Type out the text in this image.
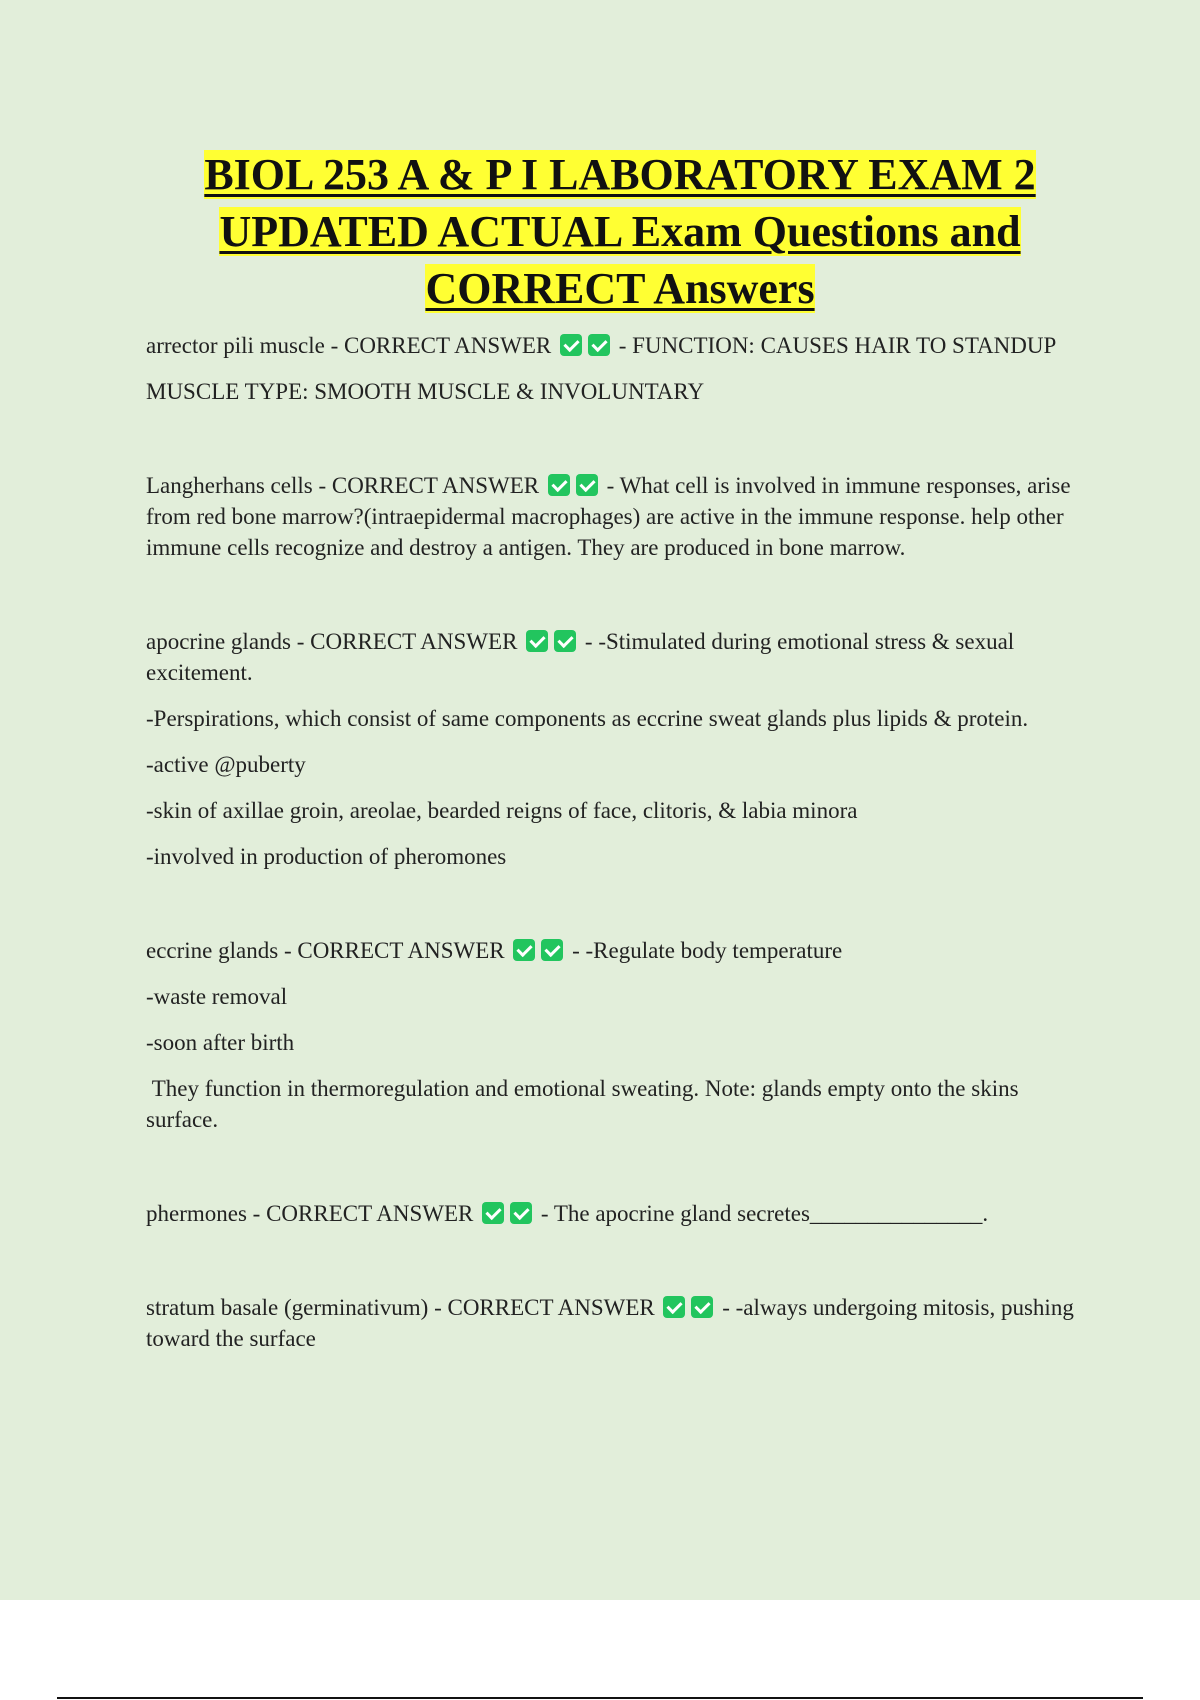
BIOL 253 A & P I LABORATORY EXAM 2 UPDATED ACTUAL Exam Questions and CORRECT Answers

arrector pili muscle - CORRECT ANSWER	- FUNCTION: CAUSES HAIR TO STANDUP

MUSCLE TYPE: SMOOTH MUSCLE & INVOLUNTARY

Langherhans cells - CORRECT ANSWER	- What cell is involved in immune responses, arise from red bone marrow?(intraepidermal macrophages) are active in the immune response. help other immune cells recognize and destroy a antigen. They are produced in bone marrow.

apocrine glands - CORRECT ANSWER	- -Stimulated during emotional stress & sexual excitement.

-Perspirations, which consist of same components as eccrine sweat glands plus lipids & protein.

-active @puberty

-skin of axillae groin, areolae, bearded reigns of face, clitoris, & labia minora

-involved in production of pheromones

eccrine glands - CORRECT ANSWER	- -Regulate body temperature

-waste removal

-soon after birth

They function in thermoregulation and emotional sweating. Note: glands empty onto the skins surface.

phermones - CORRECT ANSWER	- The apocrine gland secretes_______________.

stratum basale (germinativum) - CORRECT ANSWER	- -always undergoing mitosis, pushing toward the surface
